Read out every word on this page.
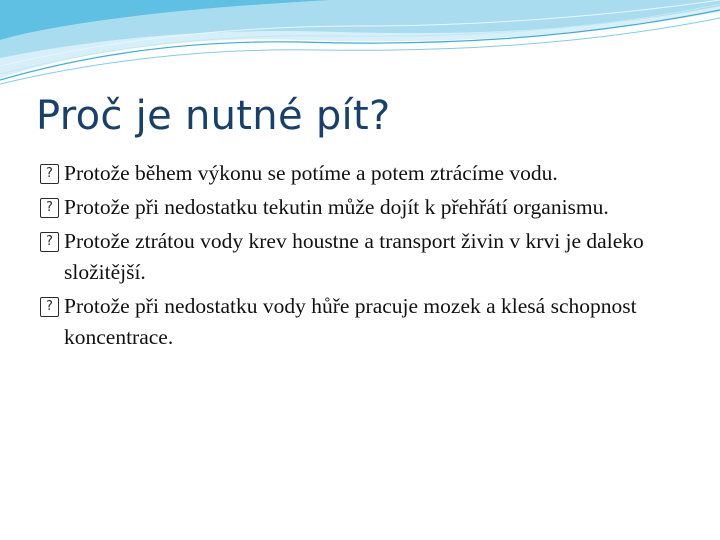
Proč je nutné pít?
? Protože během výkonu se potíme a potem ztrácíme vodu.
? Protože při nedostatku tekutin může dojít k přehřátí organismu.
? Protože ztrátou vody krev houstne a transport živin v krvi je daleko složitější.
? Protože při nedostatku vody hůře pracuje mozek a klesá schopnost koncentrace.
